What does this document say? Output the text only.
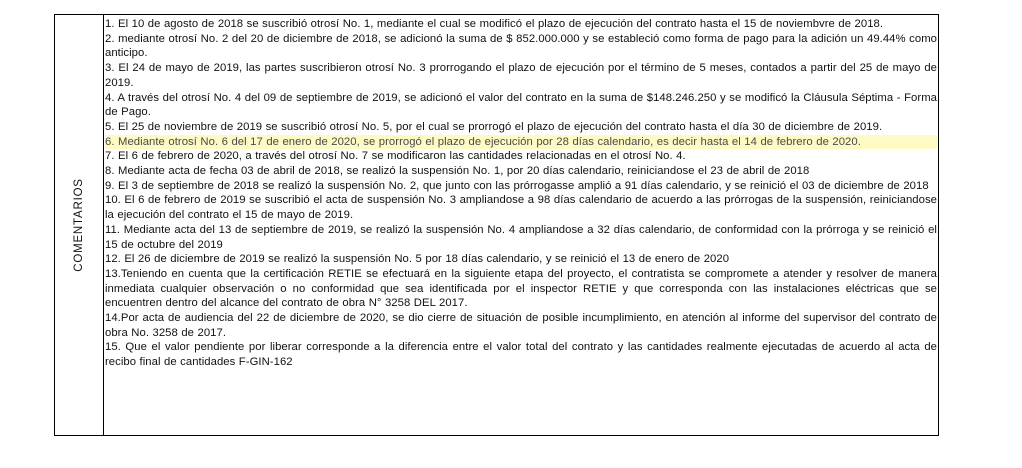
COMENTARIOS

1. El 10 de agosto de 2018 se suscribió otrosí No. 1, mediante el cual se modificó el plazo de ejecución del contrato hasta el 15 de noviembvre de 2018.

2. mediante otrosí No. 2 del 20 de diciembre de 2018, se adicionó la suma de $ 852.000.000 y se estableció como forma de pago para la adición un 49.44% como anticipo.

3. El 24 de mayo de 2019, las partes suscribieron otrosí No. 3 prorrogando el plazo de ejecución por el término de 5 meses, contados a partir del 25 de mayo de 2019.

4. A través del otrosí No. 4 del 09 de septiembre de 2019, se adicionó el valor del contrato en la suma de $148.246.250 y se modificó la Cláusula Séptima - Forma de Pago.

5. El 25 de noviembre de 2019 se suscribió otrosí No. 5, por el cual se prorrogó el plazo de ejecución del contrato hasta el día 30 de diciembre de 2019.

6. Mediante otrosí No. 6 del 17 de enero de 2020, se prorrogó el plazo de ejecución por 28 días calendario, es decir hasta el 14 de febrero de 2020.

7. El 6 de febrero de 2020, a través del otrosí No. 7 se modificaron las cantidades relacionadas en el otrosí No. 4.

8. Mediante acta de fecha 03 de abril de 2018, se realizó la suspensión No. 1, por 20 días calendario, reiniciandose el 23 de abril de 2018

9. El 3 de septiembre de 2018 se realizó la suspensión No. 2, que junto con las prórrogasse amplió a 91 días calendario, y se reinició el 03 de diciembre de 2018

10. El 6 de febrero de 2019 se suscribió el acta de suspensión No. 3 ampliandose a 98 días calendario de acuerdo a las prórrogas de la suspensión, reiniciandose la ejecución del contrato el 15 de mayo de 2019.

11. Mediante acta del 13 de septiembre de 2019, se realizó la suspensión No. 4 ampliandose a 32 días calendario, de conformidad con la prórroga y se reinició el 15 de octubre del 2019

12. El 26 de diciembre de 2019 se realizó la suspensión No. 5 por 18 días calendario, y se reinició el 13 de enero de 2020

13.Teniendo en cuenta que la certificación RETIE se efectuará en la siguiente etapa del proyecto, el contratista se compromete a atender y resolver de manera inmediata cualquier observación o no conformidad que sea identificada por el inspector RETIE y que corresponda con las instalaciones eléctricas que se encuentren dentro del alcance del contrato de obra N° 3258 DEL 2017.

14.Por acta de audiencia del 22 de diciembre de 2020, se dio cierre de situación de posible incumplimiento, en atención al informe del supervisor del contrato de obra No. 3258 de 2017.

15. Que el valor pendiente por liberar corresponde a la diferencia entre el valor total del contrato y las cantidades realmente ejecutadas de acuerdo al acta de recibo final de cantidades F-GIN-162
